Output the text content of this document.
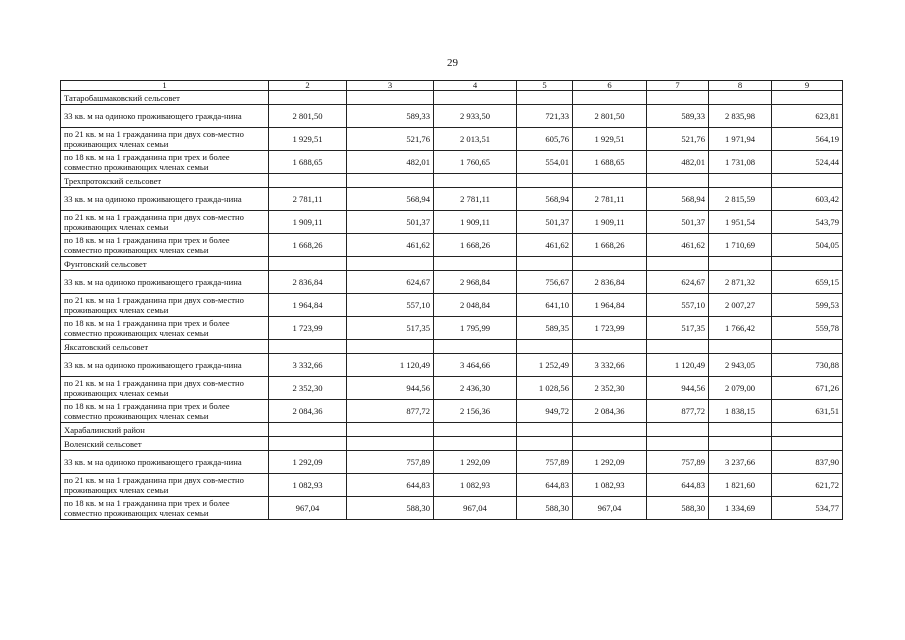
29
1	2	3	4	5	6	7	8	9
Татаробашмаковский сельсовет								
33 кв. м на одиноко проживающего гражда-нина	2 801,50	589,33	2 933,50	721,33	2 801,50	589,33	2 835,98	623,81
по 21 кв. м на 1 гражданина при двух сов-местно проживающих членах семьи	1 929,51	521,76	2 013,51	605,76	1 929,51	521,76	1 971,94	564,19
по 18 кв. м на 1 гражданина при трех и более совместно проживающих членах семьи	1 688,65	482,01	1 760,65	554,01	1 688,65	482,01	1 731,08	524,44
Трехпротокский сельсовет								
33 кв. м на одиноко проживающего гражда-нина	2 781,11	568,94	2 781,11	568,94	2 781,11	568,94	2 815,59	603,42
по 21 кв. м на 1 гражданина при двух сов-местно проживающих членах семьи	1 909,11	501,37	1 909,11	501,37	1 909,11	501,37	1 951,54	543,79
по 18 кв. м на 1 гражданина при трех и более совместно проживающих членах семьи	1 668,26	461,62	1 668,26	461,62	1 668,26	461,62	1 710,69	504,05
Фунтовский сельсовет								
33 кв. м на одиноко проживающего гражда-нина	2 836,84	624,67	2 968,84	756,67	2 836,84	624,67	2 871,32	659,15
по 21 кв. м на 1 гражданина при двух сов-местно проживающих членах семьи	1 964,84	557,10	2 048,84	641,10	1 964,84	557,10	2 007,27	599,53
по 18 кв. м на 1 гражданина при трех и более совместно проживающих членах семьи	1 723,99	517,35	1 795,99	589,35	1 723,99	517,35	1 766,42	559,78
Яксатовский сельсовет								
33 кв. м на одиноко проживающего гражда-нина	3 332,66	1 120,49	3 464,66	1 252,49	3 332,66	1 120,49	2 943,05	730,88
по 21 кв. м на 1 гражданина при двух сов-местно проживающих членах семьи	2 352,30	944,56	2 436,30	1 028,56	2 352,30	944,56	2 079,00	671,26
по 18 кв. м на 1 гражданина при трех и более совместно проживающих членах семьи	2 084,36	877,72	2 156,36	949,72	2 084,36	877,72	1 838,15	631,51
Харабалинский район								
Воленский сельсовет								
33 кв. м на одиноко проживающего гражда-нина	1 292,09	757,89	1 292,09	757,89	1 292,09	757,89	3 237,66	837,90
по 21 кв. м на 1 гражданина при двух сов-местно проживающих членах семьи	1 082,93	644,83	1 082,93	644,83	1 082,93	644,83	1 821,60	621,72
по 18 кв. м на 1 гражданина при трех и более совместно проживающих членах семьи	967,04	588,30	967,04	588,30	967,04	588,30	1 334,69	534,77
